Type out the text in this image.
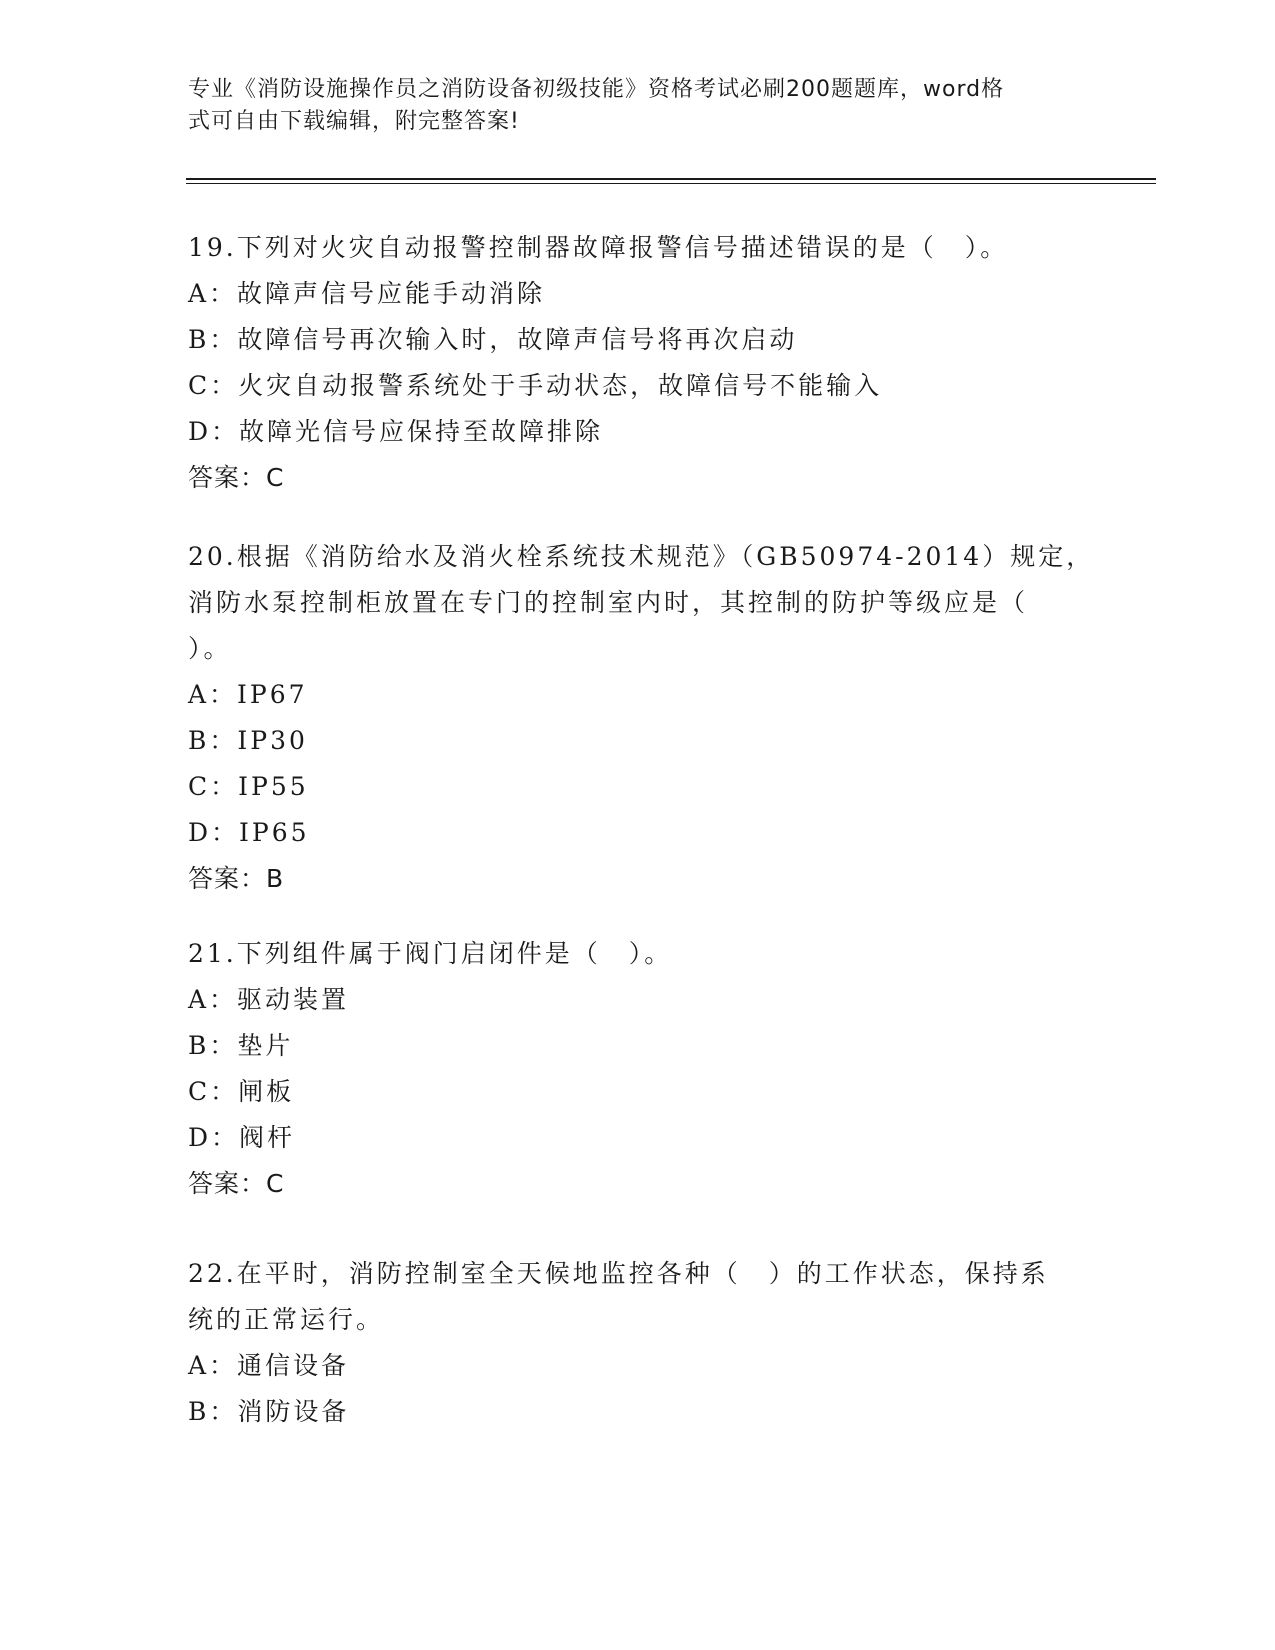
专业《消防设施操作员之消防设备初级技能》资格考试必刷200题题库，word格
式可自由下载编辑，附完整答案!
19.下列对火灾自动报警控制器故障报警信号描述错误的是（　）。
A：故障声信号应能手动消除
B：故障信号再次输入时，故障声信号将再次启动
C：火灾自动报警系统处于手动状态，故障信号不能输入
D：故障光信号应保持至故障排除
答案：C
20.根据《消防给水及消火栓系统技术规范》（GB50974-2014）规定，
消防水泵控制柜放置在专门的控制室内时，其控制的防护等级应是（
）。
A：IP67
B：IP30
C：IP55
D：IP65
答案：B
21.下列组件属于阀门启闭件是（　）。
A：驱动装置
B：垫片
C：闸板
D：阀杆
答案：C
22.在平时，消防控制室全天候地监控各种（　）的工作状态，保持系
统的正常运行。
A：通信设备
B：消防设备
